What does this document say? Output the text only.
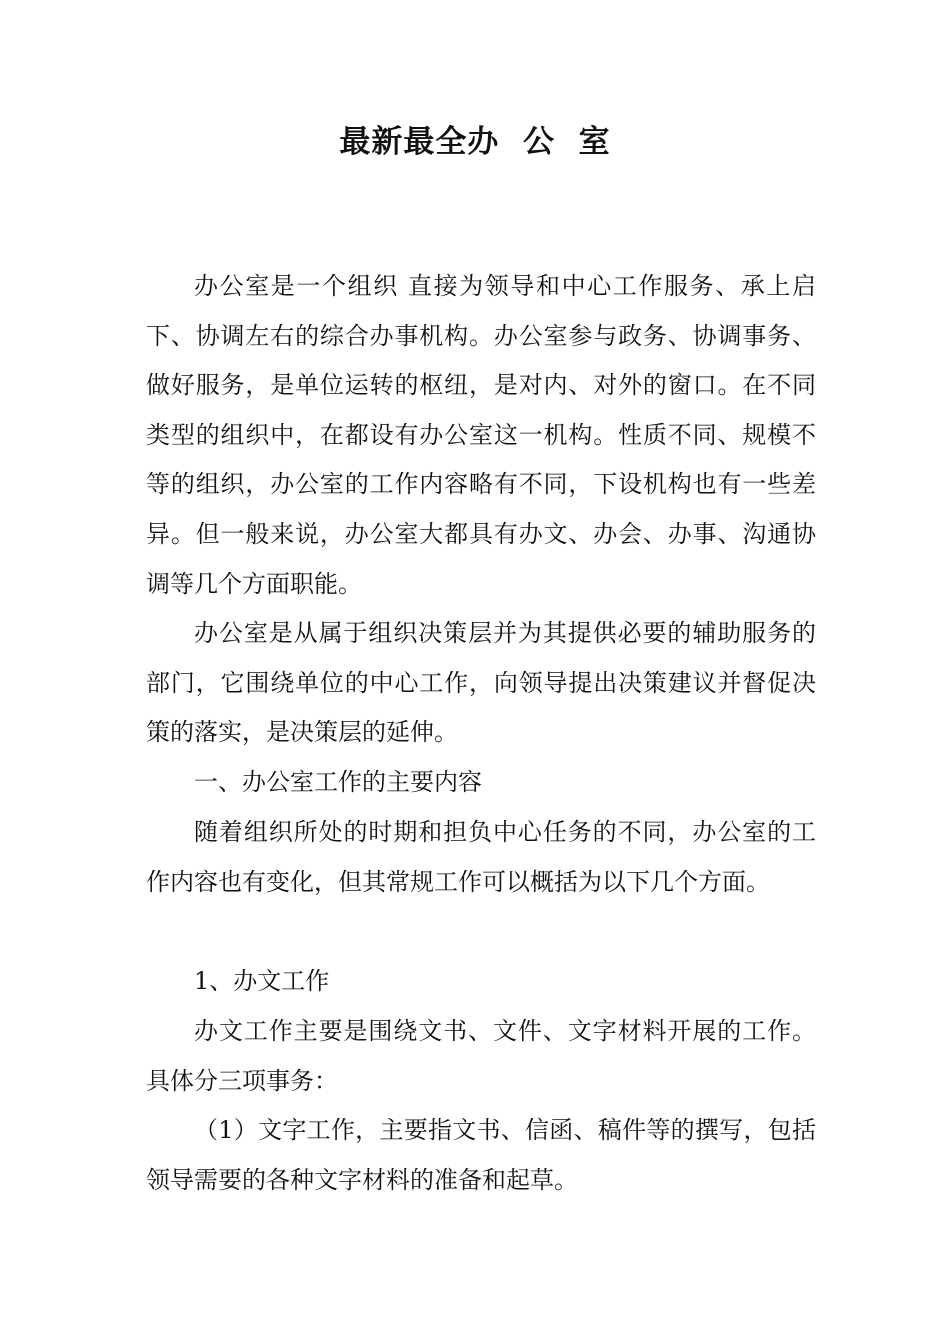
最新最全办  公  室

办公室是一个组织 直接为领导和中心工作服务、承上启下、协调左右的综合办事机构。办公室参与政务、协调事务、做好服务，是单位运转的枢纽，是对内、对外的窗口。在不同类型的组织中，在都设有办公室这一机构。性质不同、规模不等的组织，办公室的工作内容略有不同，下设机构也有一些差异。但一般来说，办公室大都具有办文、办会、办事、沟通协调等几个方面职能。

办公室是从属于组织决策层并为其提供必要的辅助服务的部门，它围绕单位的中心工作，向领导提出决策建议并督促决策的落实，是决策层的延伸。

一、办公室工作的主要内容

随着组织所处的时期和担负中心任务的不同，办公室的工作内容也有变化，但其常规工作可以概括为以下几个方面。

1、办文工作

办文工作主要是围绕文书、文件、文字材料开展的工作。具体分三项事务：

（1）文字工作，主要指文书、信函、稿件等的撰写，包括领导需要的各种文字材料的准备和起草。
